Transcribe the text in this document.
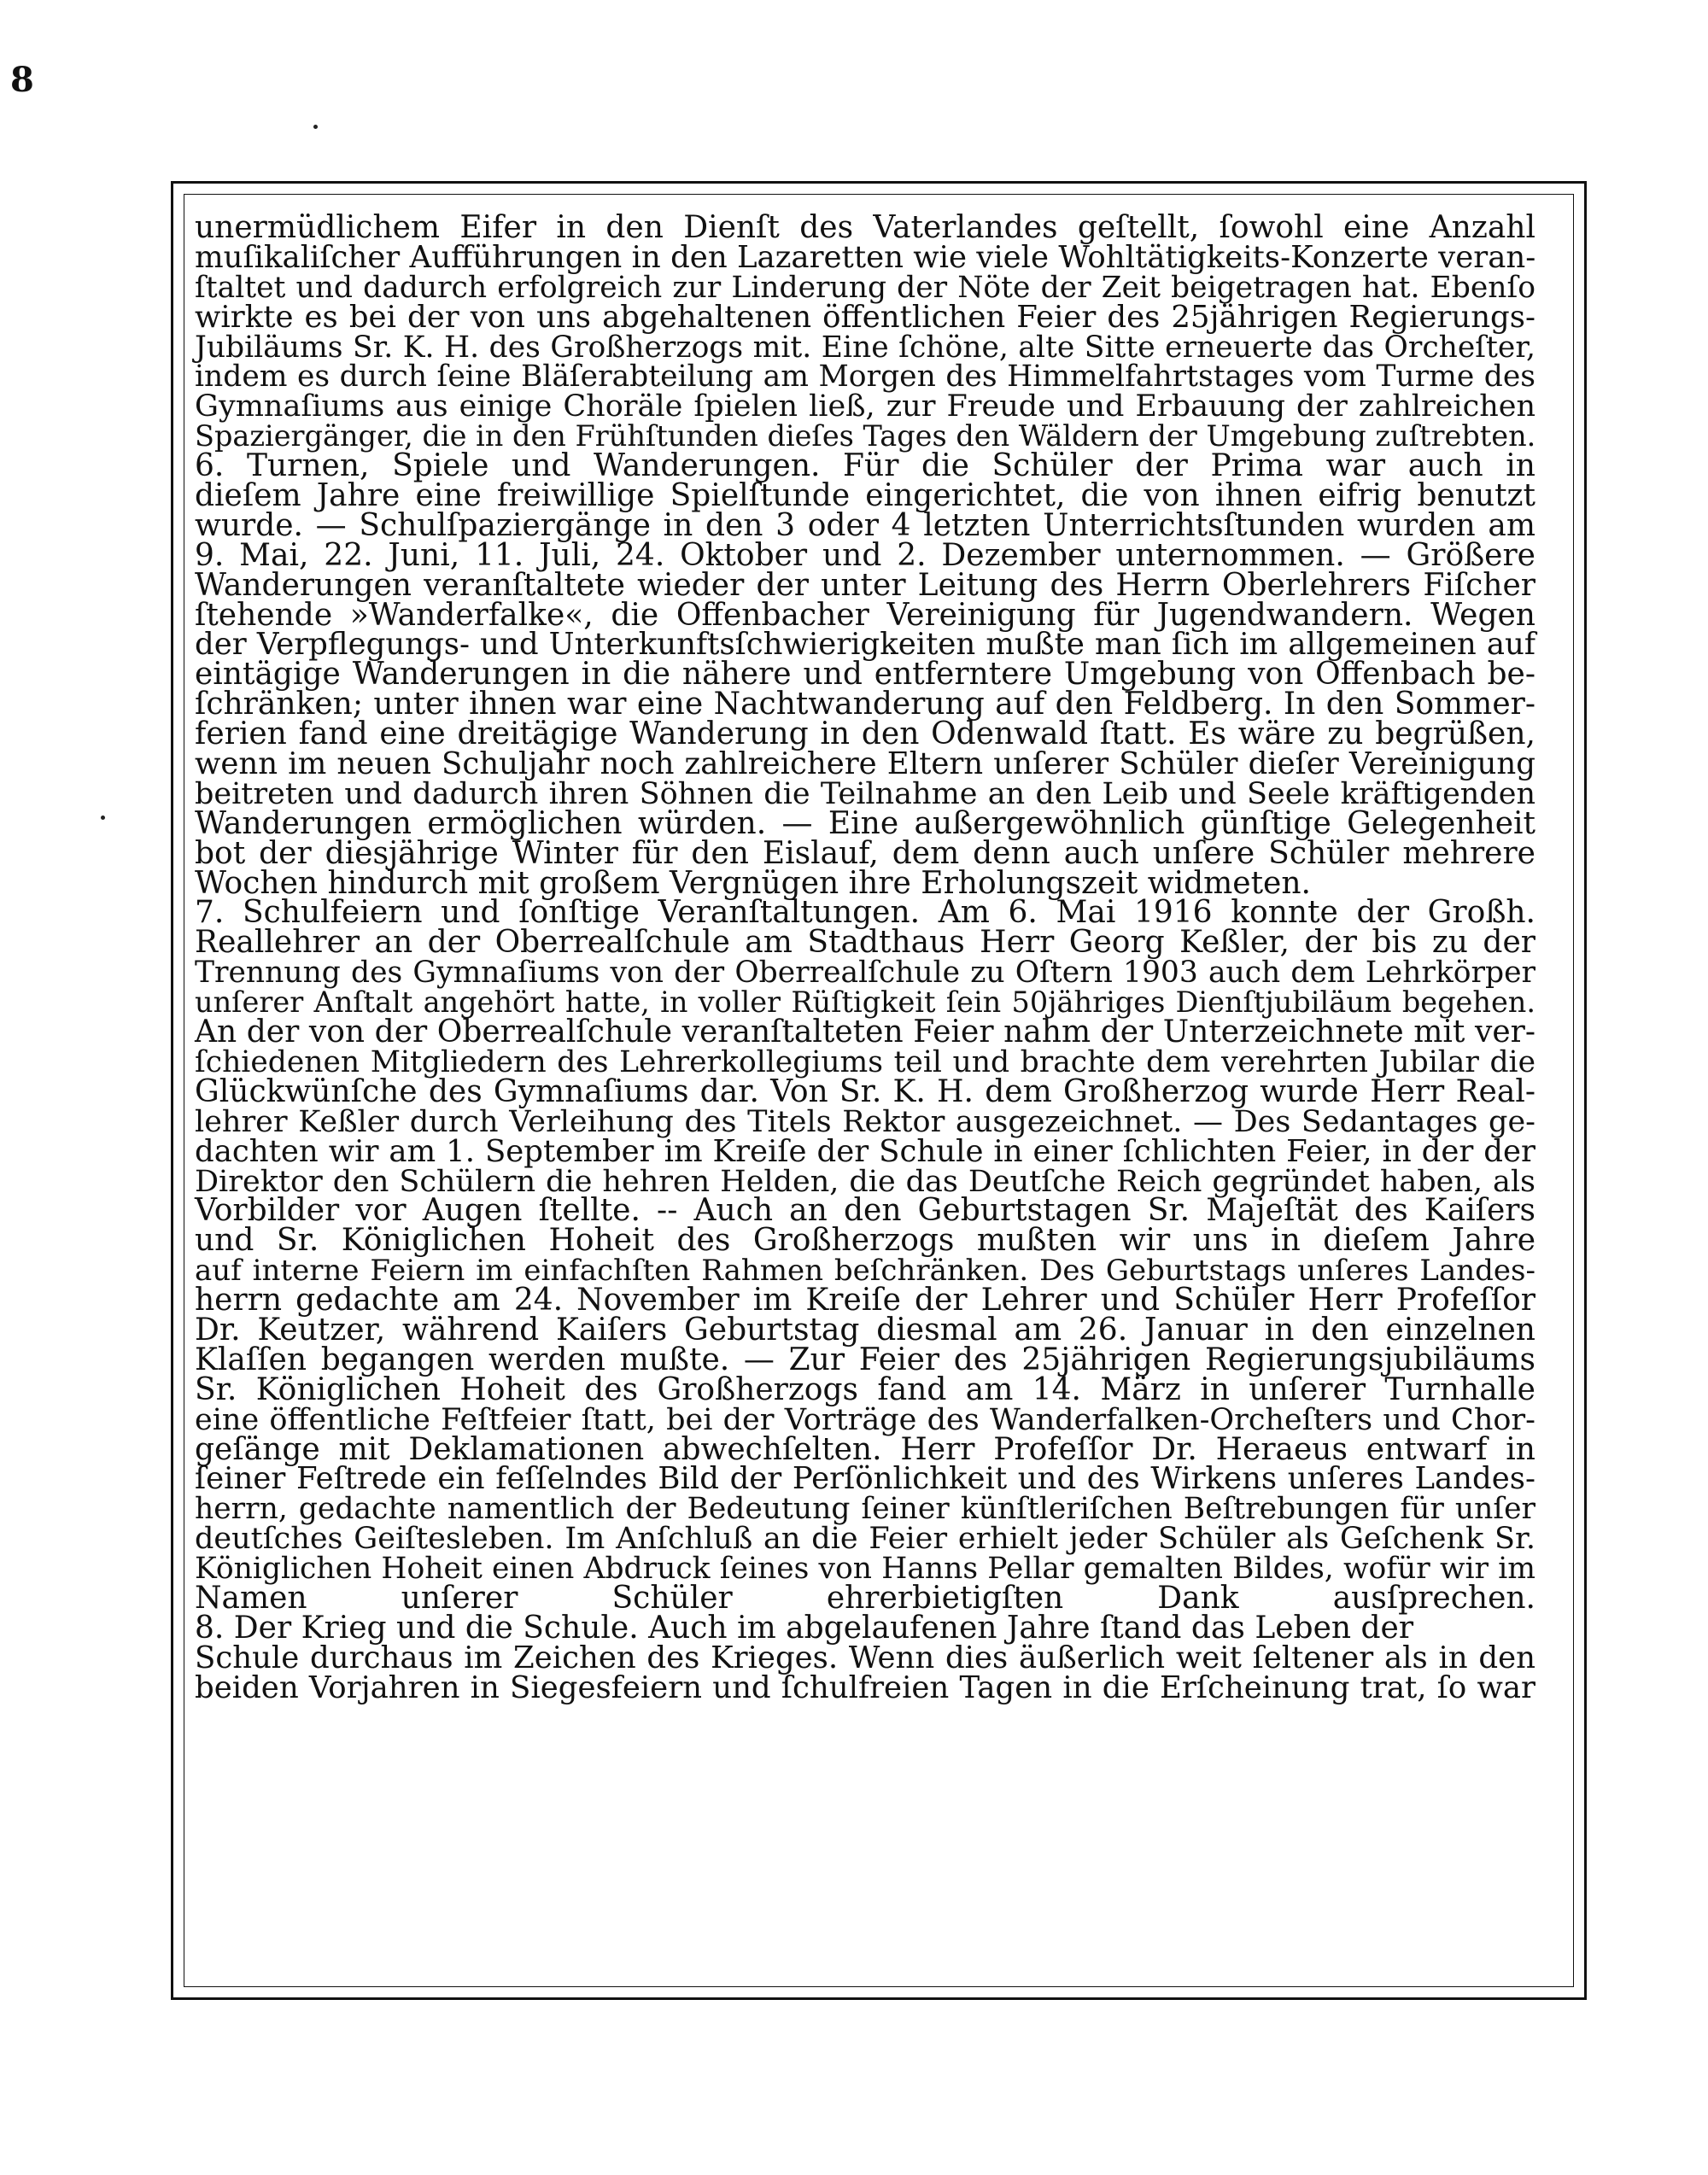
8
unermüdlichem Eifer in den Dienſt des Vaterlandes geſtellt, ſowohl eine Anzahl
muſikaliſcher Aufführungen in den Lazaretten wie viele Wohltätigkeits-Konzerte veran-
ſtaltet und dadurch erfolgreich zur Linderung der Nöte der Zeit beigetragen hat. Ebenſo
wirkte es bei der von uns abgehaltenen öffentlichen Feier des 25jährigen Regierungs-
Jubiläums Sr. K. H. des Großherzogs mit. Eine ſchöne, alte Sitte erneuerte das Orcheſter,
indem es durch ſeine Bläſerabteilung am Morgen des Himmelfahrtstages vom Turme des
Gymnaſiums aus einige Choräle ſpielen ließ, zur Freude und Erbauung der zahlreichen
Spaziergänger, die in den Frühſtunden dieſes Tages den Wäldern der Umgebung zuſtrebten.
6. Turnen, Spiele und Wanderungen. Für die Schüler der Prima war auch in
dieſem Jahre eine freiwillige Spielſtunde eingerichtet, die von ihnen eifrig benutzt
wurde. — Schulſpaziergänge in den 3 oder 4 letzten Unterrichtsſtunden wurden am
9. Mai, 22. Juni, 11. Juli, 24. Oktober und 2. Dezember unternommen. — Größere
Wanderungen veranſtaltete wieder der unter Leitung des Herrn Oberlehrers Fiſcher
ſtehende »Wanderfalke«, die Offenbacher Vereinigung für Jugendwandern. Wegen
der Verpflegungs- und Unterkunftsſchwierigkeiten mußte man ſich im allgemeinen auf
eintägige Wanderungen in die nähere und entferntere Umgebung von Offenbach be-
ſchränken; unter ihnen war eine Nachtwanderung auf den Feldberg. In den Sommer-
ferien fand eine dreitägige Wanderung in den Odenwald ſtatt. Es wäre zu begrüßen,
wenn im neuen Schuljahr noch zahlreichere Eltern unſerer Schüler dieſer Vereinigung
beitreten und dadurch ihren Söhnen die Teilnahme an den Leib und Seele kräftigenden
Wanderungen ermöglichen würden. — Eine außergewöhnlich günſtige Gelegenheit
bot der diesjährige Winter für den Eislauf, dem denn auch unſere Schüler mehrere
Wochen hindurch mit großem Vergnügen ihre Erholungszeit widmeten.
7. Schulfeiern und ſonſtige Veranſtaltungen. Am 6. Mai 1916 konnte der Großh.
Reallehrer an der Oberrealſchule am Stadthaus Herr Georg Keßler, der bis zu der
Trennung des Gymnaſiums von der Oberrealſchule zu Oſtern 1903 auch dem Lehrkörper
unſerer Anſtalt angehört hatte, in voller Rüſtigkeit ſein 50jähriges Dienſtjubiläum begehen.
An der von der Oberrealſchule veranſtalteten Feier nahm der Unterzeichnete mit ver-
ſchiedenen Mitgliedern des Lehrerkollegiums teil und brachte dem verehrten Jubilar die
Glückwünſche des Gymnaſiums dar. Von Sr. K. H. dem Großherzog wurde Herr Real-
lehrer Keßler durch Verleihung des Titels Rektor ausgezeichnet. — Des Sedantages ge-
dachten wir am 1. September im Kreiſe der Schule in einer ſchlichten Feier, in der der
Direktor den Schülern die hehren Helden, die das Deutſche Reich gegründet haben, als
Vorbilder vor Augen ſtellte. -- Auch an den Geburtstagen Sr. Majeſtät des Kaiſers
und Sr. Königlichen Hoheit des Großherzogs mußten wir uns in dieſem Jahre
auf interne Feiern im einfachſten Rahmen beſchränken. Des Geburtstags unſeres Landes-
herrn gedachte am 24. November im Kreiſe der Lehrer und Schüler Herr Profeſſor
Dr. Keutzer, während Kaiſers Geburtstag diesmal am 26. Januar in den einzelnen
Klaſſen begangen werden mußte. — Zur Feier des 25jährigen Regierungsjubiläums
Sr. Königlichen Hoheit des Großherzogs fand am 14. März in unſerer Turnhalle
eine öffentliche Feſtfeier ſtatt, bei der Vorträge des Wanderfalken-Orcheſters und Chor-
geſänge mit Deklamationen abwechſelten. Herr Profeſſor Dr. Heraeus entwarf in
ſeiner Feſtrede ein feſſelndes Bild der Perſönlichkeit und des Wirkens unſeres Landes-
herrn, gedachte namentlich der Bedeutung ſeiner künſtleriſchen Beſtrebungen für unſer
deutſches Geiſtesleben. Im Anſchluß an die Feier erhielt jeder Schüler als Geſchenk Sr.
Königlichen Hoheit einen Abdruck ſeines von Hanns Pellar gemalten Bildes, wofür wir im
Namen unſerer Schüler ehrerbietigſten Dank ausſprechen.
8. Der Krieg und die Schule. Auch im abgelaufenen Jahre ſtand das Leben der
Schule durchaus im Zeichen des Krieges. Wenn dies äußerlich weit ſeltener als in den
beiden Vorjahren in Siegesfeiern und ſchulfreien Tagen in die Erſcheinung trat, ſo war
